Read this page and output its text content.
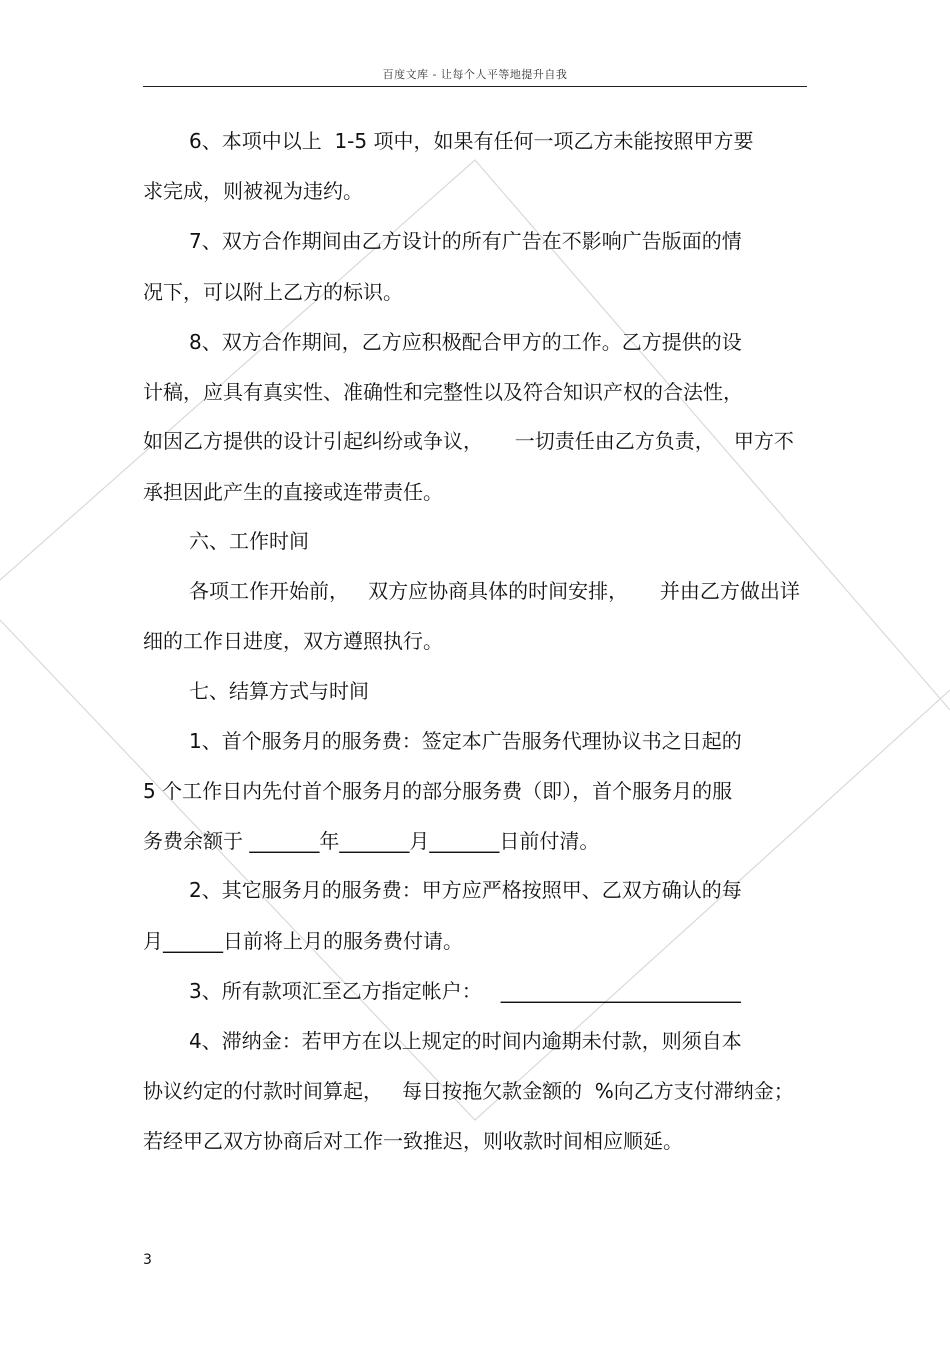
百度文库 - 让每个人平等地提升自我
6、本项中以上  1-5 项中，如果有任何一项乙方未能按照甲方要
求完成，则被视为违约。
7、双方合作期间由乙方设计的所有广告在不影响广告版面的情
况下，可以附上乙方的标识。
8、双方合作期间，乙方应积极配合甲方的工作。乙方提供的设
计稿，应具有真实性、准确性和完整性以及符合知识产权的合法性，
如因乙方提供的设计引起纠纷或争议，     一切责任由乙方负责，   甲方不
承担因此产生的直接或连带责任。
六、工作时间
各项工作开始前，   双方应协商具体的时间安排，     并由乙方做出详
细的工作日进度，双方遵照执行。
七、结算方式与时间
1、首个服务月的服务费：签定本广告服务代理协议书之日起的
5 个工作日内先付首个服务月的部分服务费（即），首个服务月的服
务费余额于 _______年_______月_______日前付清。
2、其它服务月的服务费：甲方应严格按照甲、乙双方确认的每
月______日前将上月的服务费付请。
3、所有款项汇至乙方指定帐户：   ________________________
4、滞纳金：若甲方在以上规定的时间内逾期未付款，则须自本
协议约定的付款时间算起，   每日按拖欠款金额的  %向乙方支付滞纳金；
若经甲乙双方协商后对工作一致推迟，则收款时间相应顺延。
3
